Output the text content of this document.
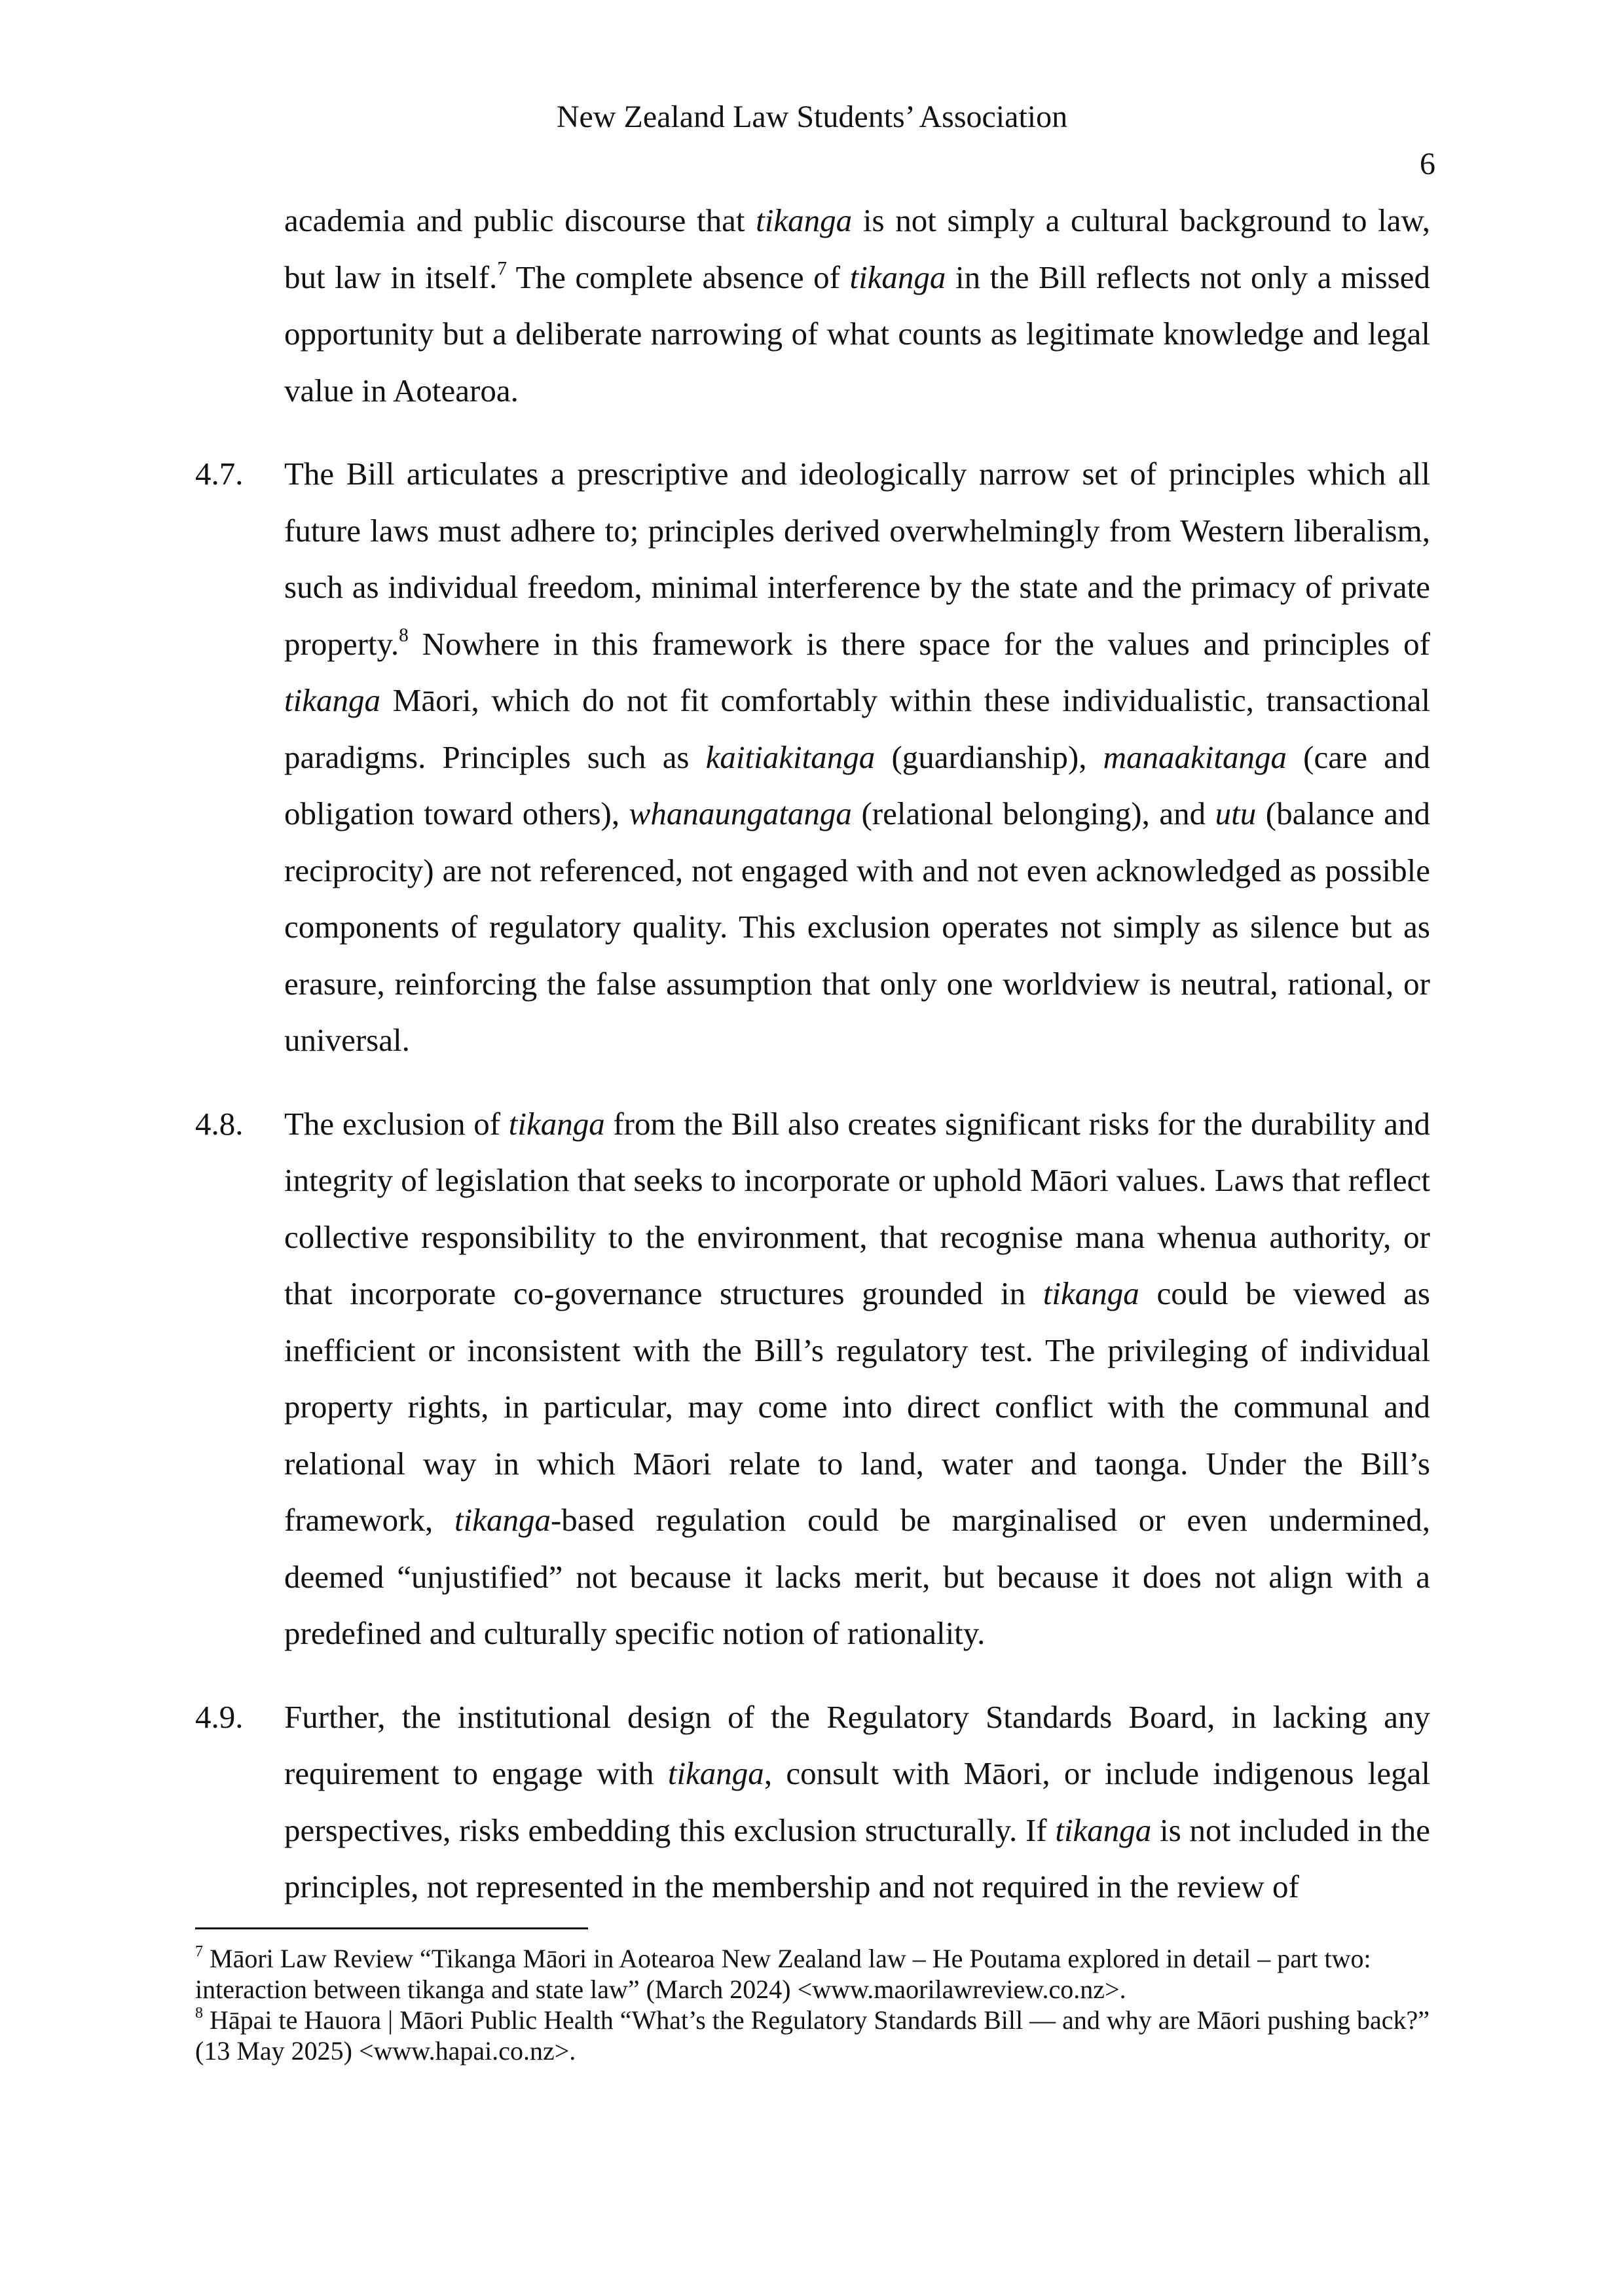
New Zealand Law Students’ Association
6
academia and public discourse that tikanga is not simply a cultural background to law, but law in itself.$^7$ The complete absence of tikanga in the Bill reflects not only a missed opportunity but a deliberate narrowing of what counts as legitimate knowledge and legal value in Aotearoa.
4.7. The Bill articulates a prescriptive and ideologically narrow set of principles which all future laws must adhere to; principles derived overwhelmingly from Western liberalism, such as individual freedom, minimal interference by the state and the primacy of private property.$^8$ Nowhere in this framework is there space for the values and principles of tikanga Māori, which do not fit comfortably within these individualistic, transactional paradigms. Principles such as kaitiakitanga (guardianship), manaakitanga (care and obligation toward others), whanaungatanga (relational belonging), and utu (balance and reciprocity) are not referenced, not engaged with and not even acknowledged as possible components of regulatory quality. This exclusion operates not simply as silence but as erasure, reinforcing the false assumption that only one worldview is neutral, rational, or universal.
4.8. The exclusion of tikanga from the Bill also creates significant risks for the durability and integrity of legislation that seeks to incorporate or uphold Māori values. Laws that reflect collective responsibility to the environment, that recognise mana whenua authority, or that incorporate co-governance structures grounded in tikanga could be viewed as inefficient or inconsistent with the Bill’s regulatory test. The privileging of individual property rights, in particular, may come into direct conflict with the communal and relational way in which Māori relate to land, water and taonga. Under the Bill’s framework, tikanga-based regulation could be marginalised or even undermined, deemed “unjustified” not because it lacks merit, but because it does not align with a predefined and culturally specific notion of rationality.
4.9. Further, the institutional design of the Regulatory Standards Board, in lacking any requirement to engage with tikanga, consult with Māori, or include indigenous legal perspectives, risks embedding this exclusion structurally. If tikanga is not included in the principles, not represented in the membership and not required in the review of

$^7$ Māori Law Review “Tikanga Māori in Aotearoa New Zealand law – He Poutama explored in detail – part two: interaction between tikanga and state law” (March 2024) <www.maorilawreview.co.nz>.

$^8$ Hāpai te Hauora | Māori Public Health “What’s the Regulatory Standards Bill — and why are Māori pushing back?” (13 May 2025) <www.hapai.co.nz>.
